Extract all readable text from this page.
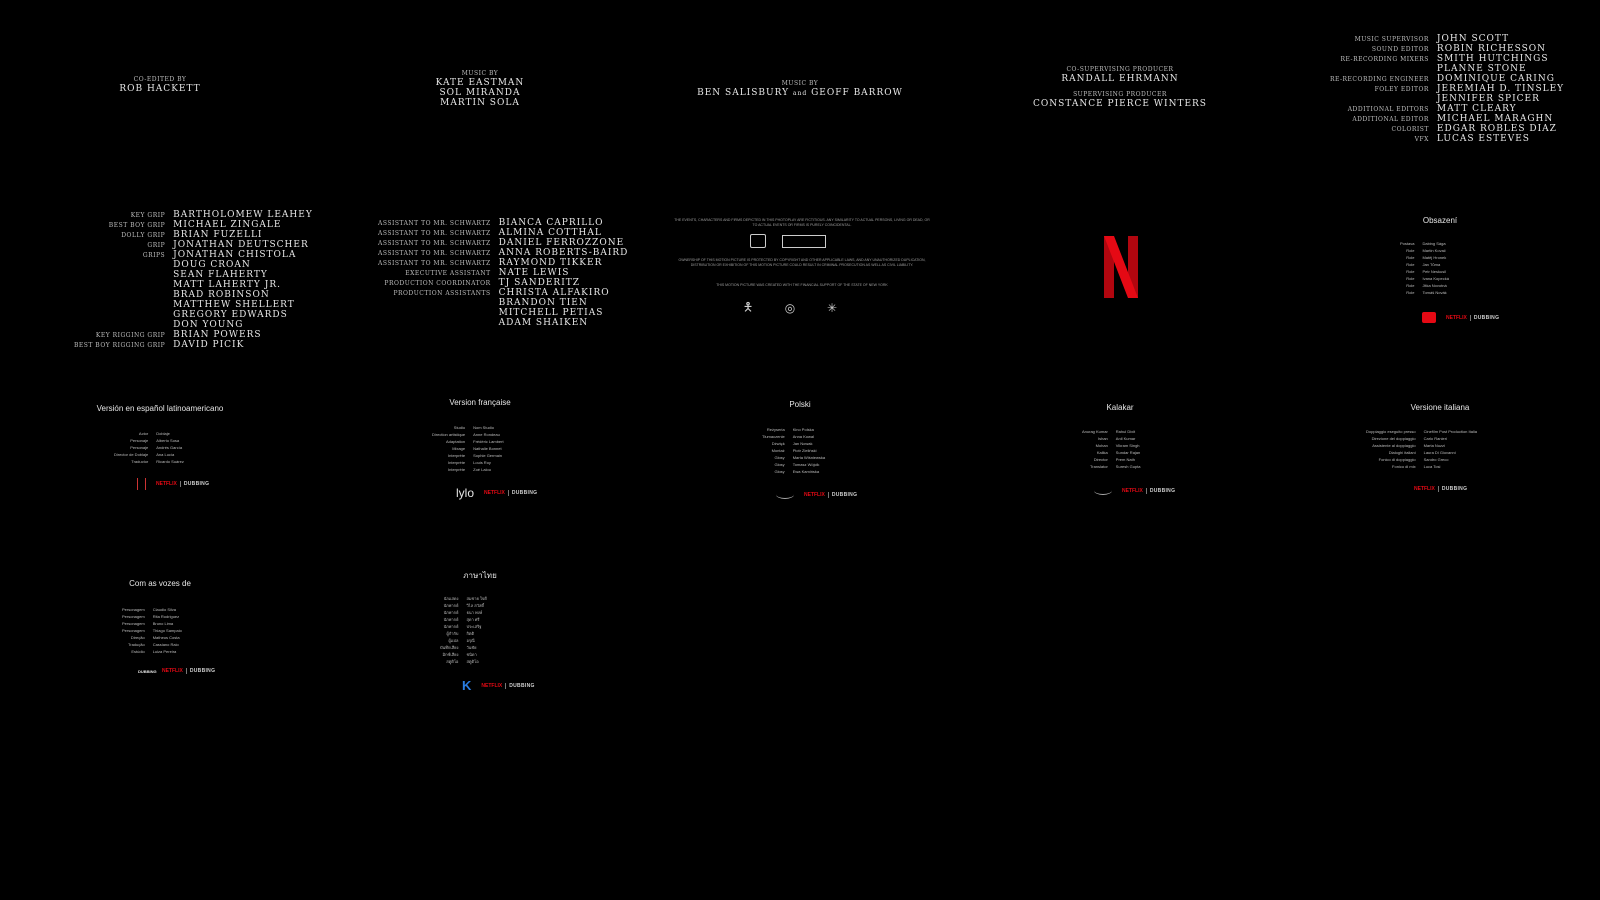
CO-EDITED BY
ROB HACKETT
MUSIC BY
KATE EASTMAN
SOL MIRANDA
MARTIN SOLA
MUSIC BY
BEN SALISBURY and GEOFF BARROW
CO-SUPERVISING PRODUCER
RANDALL EHRMANN
SUPERVISING PRODUCER
CONSTANCE PIERCE WINTERS
MUSIC SUPERVISOR JOHN SCOTT
SOUND EDITOR ROBIN RICHESSON
RE-RECORDING MIXERS SMITH HUTCHINGS
PLANNE STONE
RE-RECORDING ENGINEER DOMINIQUE CARING
FOLEY EDITOR JEREMIAH D. TINSLEY
JENNIFER SPICER
ADDITIONAL EDITORS MATT CLEARY
ADDITIONAL EDITOR MICHAEL MARAGHN
COLORIST EDGAR ROBLES DIAZ
VFX LUCAS ESTEVES
KEY GRIP BARTHOLOMEW LEAHEY
BEST BOY GRIP MICHAEL ZINGALE
DOLLY GRIP BRIAN FUZELLI
GRIP JONATHAN DEUTSCHER
GRIPS JONATHAN CHISTOLA
DOUG CROAN
SEAN FLAHERTY
MATT LAHERTY JR.
BRAD ROBINSON
MATTHEW SHELLERT
GREGORY EDWARDS
DON YOUNG
KEY RIGGING GRIP BRIAN POWERS
BEST BOY RIGGING GRIP DAVID PICIK
ASSISTANT TO MR. SCHWARTZ BIANCA CAPRILLO
ASSISTANT TO MR. SCHWARTZ ALMINA COTTHAL
ASSISTANT TO MR. SCHWARTZ DANIEL FERROZZONE
ASSISTANT TO MR. SCHWARTZ ANNA ROBERTS-BAIRD
ASSISTANT TO MR. SCHWARTZ RAYMOND TIKKER
EXECUTIVE ASSISTANT NATE LEWIS
PRODUCTION COORDINATOR TJ SANDERITZ
PRODUCTION ASSISTANTS CHRISTA ALFAKIRO
BRANDON TIEN
MITCHELL PETIAS
ADAM SHAIKEN
THE EVENTS, CHARACTERS AND FIRMS DEPICTED IN THIS PHOTOPLAY ARE FICTITIOUS. ANY SIMILARITY TO ACTUAL PERSONS, LIVING OR DEAD, OR TO ACTUAL EVENTS OR FIRMS IS PURELY COINCIDENTAL.
OWNERSHIP OF THIS MOTION PICTURE IS PROTECTED BY COPYRIGHT AND OTHER APPLICABLE LAWS, AND ANY UNAUTHORIZED DUPLICATION, DISTRIBUTION OR EXHIBITION OF THIS MOTION PICTURE COULD RESULT IN CRIMINAL PROSECUTION AS WELL AS CIVIL LIABILITY.
THIS MOTION PICTURE WAS CREATED WITH THE FINANCIAL SUPPORT OF THE STATE OF NEW YORK
🯅	◎	✳
Obsazení
Postava Dabing Sága
Role Martin Kovač
Role Matěj Hronek
Role Jan Tůma
Role Petr Neskusil
Role Ivana Kopecká
Role Jitka Novotná
Role Tomáš Novák
NETFLIX DUBBING
Versión en español latinoamericano
Actor Doblaje
Personaje Alberto Sosa
Personaje Andrés García
Director de Doblaje Ana Lucía
Traductor Ricardo Suárez
NETFLIX DUBBING
Version française
Studio Nom Studio
Direction artistique Anne Rondeau
Adaptation Frédéric Lambert
Mixage Nathalie Bonnet
Interprète Sophie Germain
Interprète Louis Roy
Interprète Zoé Lalou
lylo NETFLIX DUBBING
Polski
Reżyseria Kino Polska
Tłumaczenie Anna Kowal
Dźwięk Jan Nowak
Montaż Piotr Zieliński
Głosy Marta Wiśniewska
Głosy Tomasz Wójcik
Głosy Ewa Kamińska
NETFLIX DUBBING
Kalakar
Anurag Kumar Rahul Dixit
Ishan Anil Kumar
Mohan Vikram Singh
Kalika Sundar Rajan
Director Prem Nath
Translator Suresh Gupta
NETFLIX DUBBING
Versione italiana
Doppiaggio eseguito presso Cinefilm Post Production Italia
Direzione del doppiaggio Carlo Ranieri
Assistente al doppiaggio Marta Nuzzi
Dialoghi italiani Laura Di Giovanni
Fonico di doppiaggio Sandro Greco
Fonico di mix Luca Tosi
NETFLIX DUBBING
Com as vozes de
Personagem Claudio Silva
Personagem Rita Rodriguez
Personagem Bruno Lima
Personagem Thiago Sampaio
Direção Matheus Costa
Tradução Cassiano Raio
Estúdio Luiza Pereira
DUBBING NETFLIX DUBBING
ภาษาไทย
นักแสดง สมชาย ใจดี
นักพากย์ วิไล สวัสดิ์
นักพากย์ ธนา พงษ์
นักพากย์ สุดา ศรี
นักพากย์ ประเสริฐ
ผู้กำกับ กิตติ
ผู้แปล อรุณี
บันทึกเสียง วันชัย
มิกซ์เสียง ชนิดา
สตูดิโอ สตูดิโอ
K NETFLIX DUBBING
